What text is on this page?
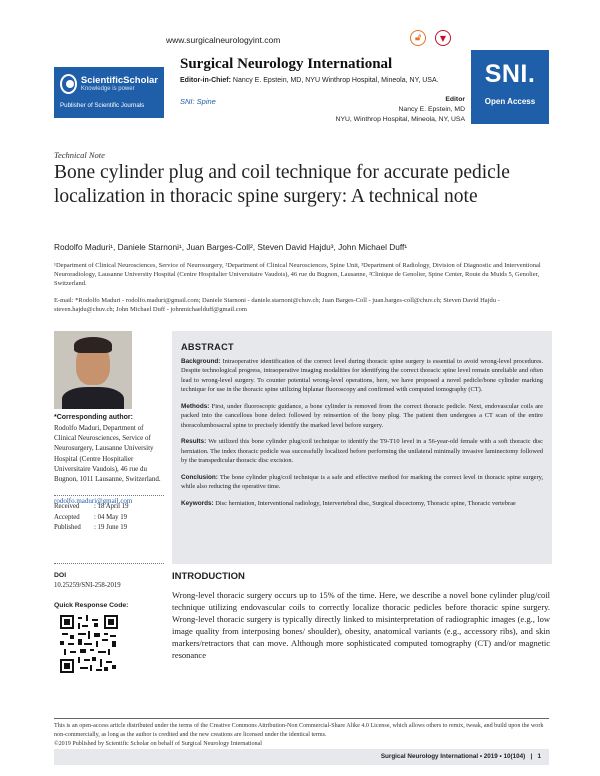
www.surgicalneurologyint.com	🔓︎	▼
ScientificScholar
Knowledge is power
Publisher of Scientific Journals
Surgical Neurology International
Editor-in-Chief: Nancy E. Epstein, MD, NYU Winthrop Hospital, Mineola, NY, USA.
SNI: Spine	Editor
Nancy E. Epstein, MD
NYU, Winthrop Hospital, Mineola, NY, USA
SNI.
Open Access
Technical Note
Bone cylinder plug and coil technique for accurate pedicle localization in thoracic spine surgery: A technical note
Rodolfo Maduri¹, Daniele Starnoni¹, Juan Barges-Coll², Steven David Hajdu³, John Michael Duff¹
¹Department of Clinical Neurosciences, Service of Neurosurgery, ²Department of Clinical Neurosciences, Spine Unit, ³Department of Radiology, Division of Diagnostic and Interventional Neuroradiology, Lausanne University Hospital (Centre Hospitalier Universitaire Vaudois), 46 rue du Bugnon, Lausanne, ²Clinique de Genolier, Spine Center, Route du Muids 5, Genolier, Switzerland.
E-mail: *Rodolfo Maduri - rodolfo.maduri@gmail.com; Daniele Starnoni - daniele.starnoni@chuv.ch; Juan Barges-Coll - juan.barges-coll@chuv.ch; Steven David Hajdu - steven.hajdu@chuv.ch; John Michael Duff - johnmichaelduff@gmail.com
*Corresponding author:
Rodolfo Maduri, Department of Clinical Neurosciences, Service of Neurosurgery, Lausanne University Hospital (Centre Hospitalier Universitaire Vaudois), 46 rue du Bugnon, 1011 Lausanne, Switzerland.
rodolfo.maduri@gmail.com
Received	: 18 April 19
Accepted	: 04 May 19
Published	: 19 June 19
DOI
10.25259/SNI-258-2019
Quick Response Code:
ABSTRACT

Background: Intraoperative identification of the correct level during thoracic spine surgery is essential to avoid wrong-level procedures. Despite technological progress, intraoperative imaging modalities for identifying the correct thoracic spine level remain unreliable and often lead to wrong-level surgery. To counter potential wrong-level operations, here, we have proposed a novel pedicle/bone cylinder marking technique for use in the thoracic spine utilizing biplanar fluoroscopy and confirmed with computed tomography (CT).

Methods: First, under fluoroscopic guidance, a bone cylinder is removed from the correct thoracic pedicle. Next, endovascular coils are packed into the cancellous bone defect followed by reinsertion of the bony plug. The patient then undergoes a CT scan of the entire thoracolumbosacral spine to precisely identify the marked level before surgery.

Results: We utilized this bone cylinder plug/coil technique to identify the T9-T10 level in a 56-year-old female with a soft thoracic disc herniation. The index thoracic pedicle was successfully localized before performing the unilateral minimally invasive laminectomy followed by the transpedicular thoracic disc excision.

Conclusion: The bone cylinder plug/coil technique is a safe and effective method for marking the correct level in thoracic spine surgery, while also reducing the operative time.

Keywords: Disc herniation, Interventional radiology, Intervertebral disc, Surgical discectomy, Thoracic spine, Thoracic vertebrae

INTRODUCTION

Wrong-level thoracic surgery occurs up to 15% of the time. Here, we describe a novel bone cylinder plug/coil technique utilizing endovascular coils to correctly localize thoracic pedicles before thoracic spine surgery. Wrong-level thoracic surgery is typically directly linked to misinterpretation of radiographic images (e.g., low image quality from interposing bones/ shoulder), obesity, anatomical variants (e.g., accessory ribs), and skin markers/retractors that can move. Although more sophisticated computed tomography (CT) and/or magnetic resonance

This is an open-access article distributed under the terms of the Creative Commons Attribution-Non Commercial-Share Alike 4.0 License, which allows others to remix, tweak, and build upon the work non-commercially, as long as the author is credited and the new creations are licensed under the identical terms.
©2019 Published by Scientific Scholar on behalf of Surgical Neurology International
Surgical Neurology International • 2019 • 10(104)   |   1
